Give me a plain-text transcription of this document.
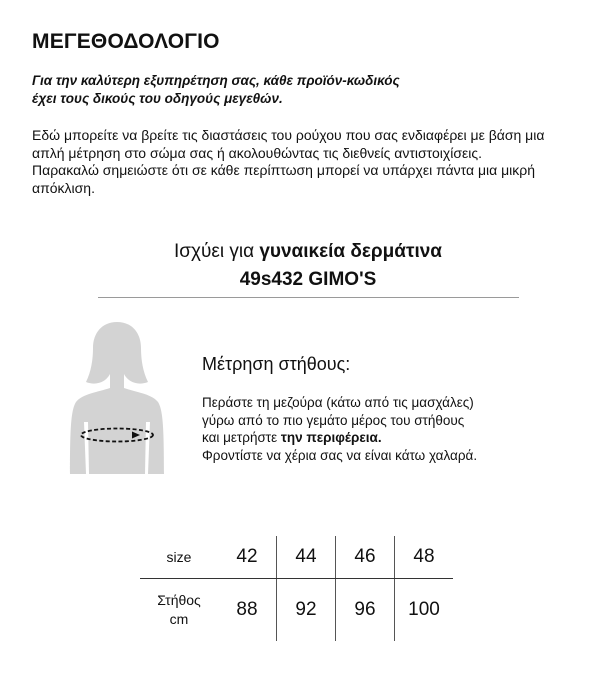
ΜΕΓΕΘΟΔΟΛΟΓΙΟ
Για την καλύτερη εξυπηρέτηση σας, κάθε προϊόν-κωδικός
έχει τους δικούς του οδηγούς μεγεθών.

Εδώ μπορείτε να βρείτε τις διαστάσεις του ρούχου που σας ενδιαφέρει με βάση μια απλή μέτρηση στο σώμα σας ή ακολουθώντας τις διεθνείς αντιστοιχίσεις.

Παρακαλώ σημειώστε ότι σε κάθε περίπτωση μπορεί να υπάρχει πάντα μια μικρή απόκλιση.

Ισχύει για γυναικεία δερμάτινα
49s432 GIMO'S
Μέτρηση στήθους:
Περάστε τη μεζούρα (κάτω από τις μασχάλες)
γύρω από το πιο γεμάτο μέρος του στήθους
και μετρήστε την περιφέρεια.
Φροντίστε να χέρια σας να είναι κάτω χαλαρά.
size	42	44	46	48

Στήθος
cm	88	92	96	100
